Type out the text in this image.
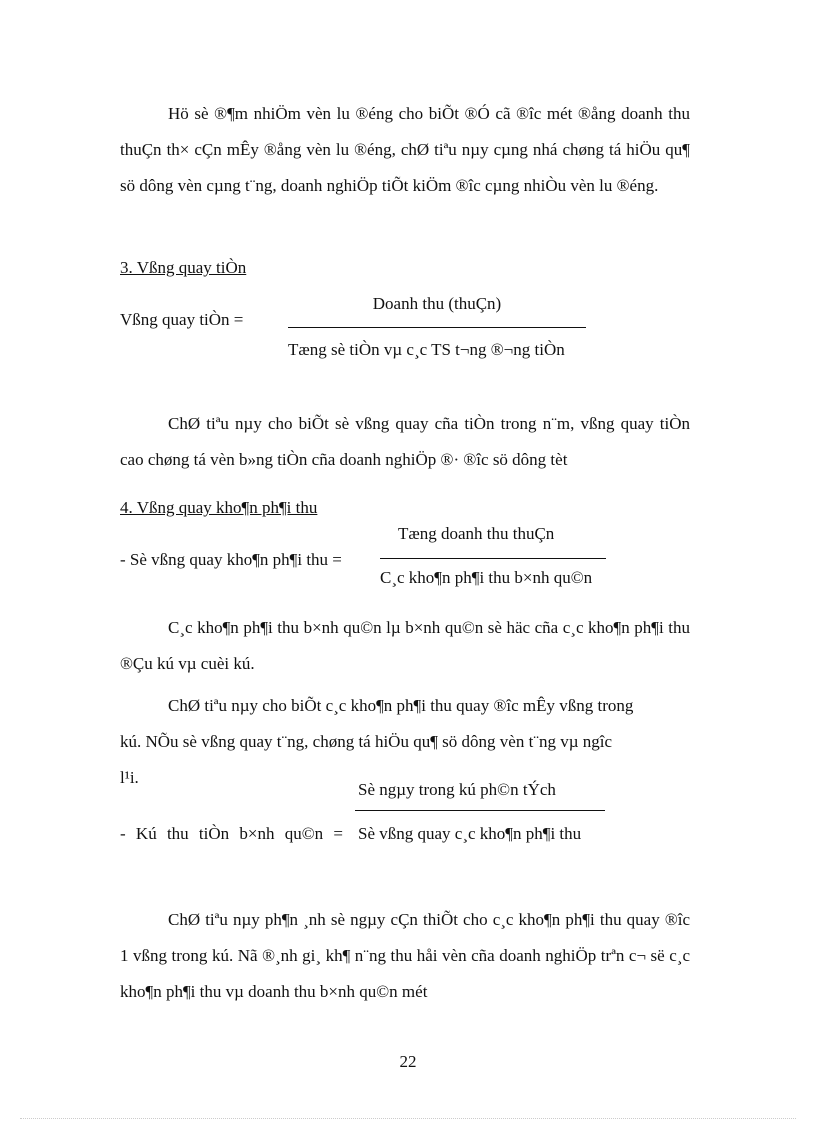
Hö sè ®¶m nhiÖm vèn lu ®éng cho biÕt ®Ó cã ®îc mét ®ång doanh thu thuÇn th× cÇn mÊy ®ång vèn lu ®éng, chØ tiªu nµy cµng nhá chøng tá hiÖu qu¶ sö dông vèn cµng t¨ng, doanh nghiÖp tiÕt kiÖm ®îc cµng nhiÒu vèn lu ®éng.
3. Vßng quay tiÒn
Vßng quay tiÒn =
Doanh thu (thuÇn)
Tæng sè tiÒn vµ c¸c TS t¬ng ®¬ng tiÒn
ChØ tiªu nµy cho biÕt sè vßng quay cña tiÒn trong n¨m, vßng quay tiÒn cao chøng tá vèn b»ng tiÒn cña doanh nghiÖp ®· ®îc sö dông tèt
4. Vßng quay kho¶n ph¶i thu
Tæng doanh thu thuÇn
- Sè vßng quay kho¶n ph¶i thu =
C¸c kho¶n ph¶i thu b×nh qu©n
C¸c kho¶n ph¶i thu b×nh qu©n lµ b×nh qu©n sè häc cña c¸c kho¶n ph¶i thu ®Çu kú vµ cuèi kú.
ChØ tiªu nµy cho biÕt c¸c kho¶n ph¶i thu quay ®îc mÊy vßng trong
kú. NÕu sè vßng quay t¨ng, chøng tá hiÖu qu¶ sö dông vèn t¨ng vµ ngîc
l¹i.
Sè ngµy trong kú ph©n tÝch
- Kú thu tiÒn b×nh qu©n = Sè vßng quay c¸c kho¶n ph¶i thu
ChØ tiªu nµy ph¶n ¸nh sè ngµy cÇn thiÕt cho c¸c kho¶n ph¶i thu quay ®îc 1 vßng trong kú. Nã ®¸nh gi¸ kh¶ n¨ng thu håi vèn cña doanh nghiÖp trªn c¬ së c¸c kho¶n ph¶i thu vµ doanh thu b×nh qu©n mét
22
